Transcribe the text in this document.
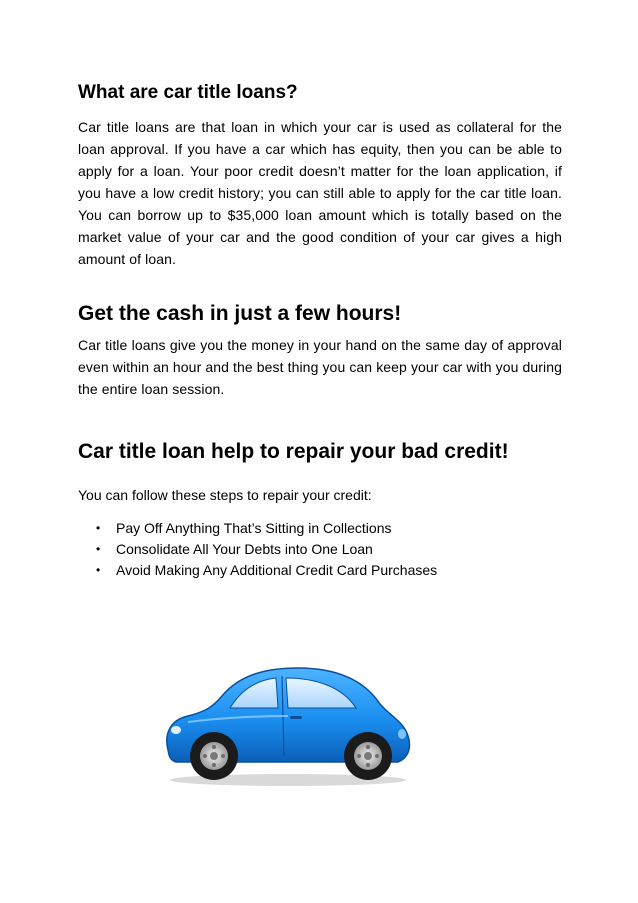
What are car title loans?

Car title loans are that loan in which your car is used as collateral for the loan approval. If you have a car which has equity, then you can be able to apply for a loan. Your poor credit doesn’t matter for the loan application, if you have a low credit history; you can still able to apply for the car title loan. You can borrow up to $35,000 loan amount which is totally based on the market value of your car and the good condition of your car gives a high amount of loan.

Get the cash in just a few hours!

Car title loans give you the money in your hand on the same day of approval even within an hour and the best thing you can keep your car with you during the entire loan session.

Car title loan help to repair your bad credit!

You can follow these steps to repair your credit:

• Pay Off Anything That’s Sitting in Collections
• Consolidate All Your Debts into One Loan
• Avoid Making Any Additional Credit Card Purchases
